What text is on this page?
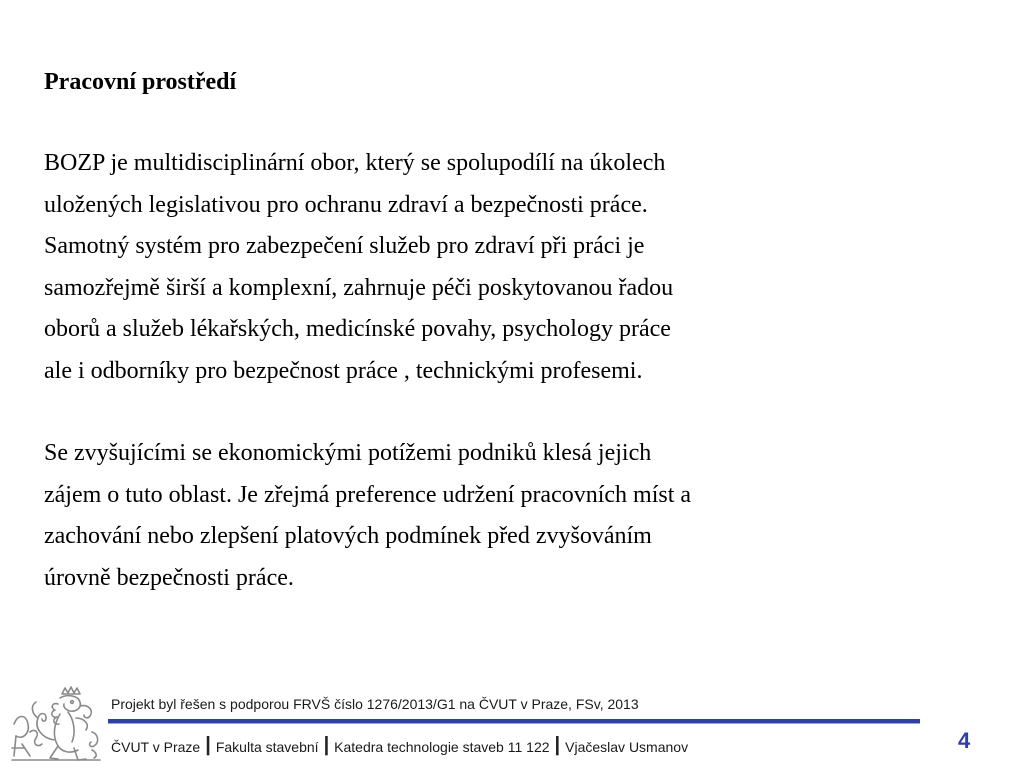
Pracovní prostředí

BOZP je multidisciplinární obor, který se spolupodílí na úkolech

uložených legislativou pro ochranu zdraví a bezpečnosti práce.

Samotný systém pro zabezpečení služeb pro zdraví při práci je

samozřejmě širší a komplexní, zahrnuje péči poskytovanou řadou

oborů a služeb lékařských, medicínské povahy, psychology práce

ale i odborníky pro bezpečnost práce , technickými profesemi.

Se zvyšujícími se ekonomickými potížemi podniků klesá jejich

zájem o tuto oblast. Je zřejmá preference udržení pracovních míst a

zachování nebo zlepšení platových podmínek před zvyšováním

úrovně bezpečnosti práce.

Projekt byl řešen s podporou FRVŠ číslo 1276/2013/G1 na ČVUT v Praze, FSv, 2013
ČVUT v Praze | Fakulta stavební | Katedra technologie staveb 11 122 | Vjačeslav Usmanov	4
